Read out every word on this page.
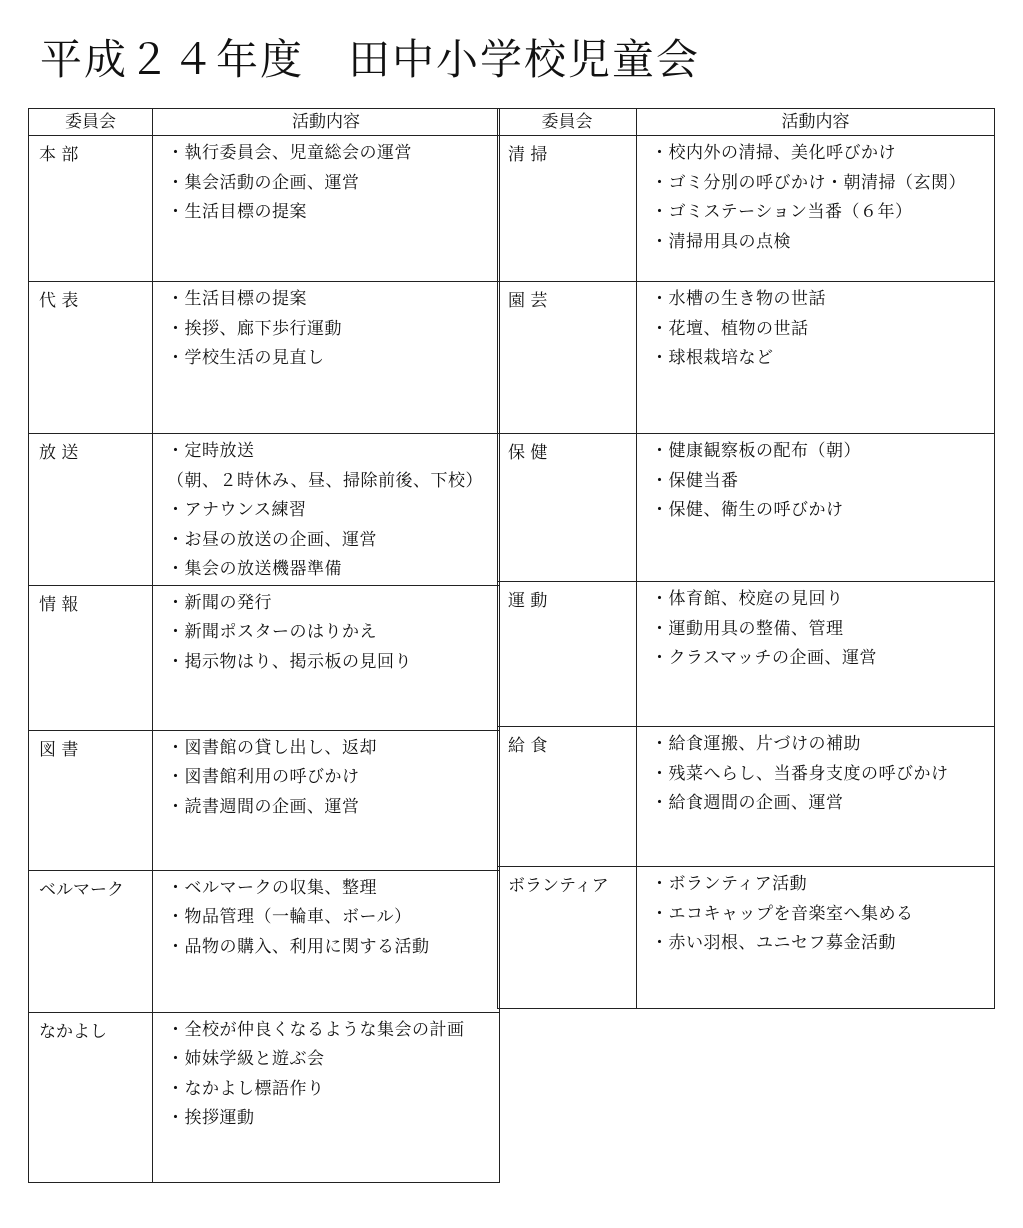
平成２４年度　田中小学校児童会
委員会	活動内容

本 部	・執行委員会、児童総会の運営
・集会活動の企画、運営
・生活目標の提案

代 表	・生活目標の提案
・挨拶、廊下歩行運動
・学校生活の見直し

放 送	・定時放送
（朝、２時休み、昼、掃除前後、下校）
・アナウンス練習
・お昼の放送の企画、運営
・集会の放送機器準備

情 報	・新聞の発行
・新聞ポスターのはりかえ
・掲示物はり、掲示板の見回り

図 書	・図書館の貸し出し、返却
・図書館利用の呼びかけ
・読書週間の企画、運営

ベルマーク	・ベルマークの収集、整理
・物品管理（一輪車、ボール）
・品物の購入、利用に関する活動

なかよし	・全校が仲良くなるような集会の計画
・姉妹学級と遊ぶ会
・なかよし標語作り
・挨拶運動
委員会	活動内容

清 掃	・校内外の清掃、美化呼びかけ
・ゴミ分別の呼びかけ・朝清掃（玄関）
・ゴミステーション当番（６年）
・清掃用具の点検

園 芸	・水槽の生き物の世話
・花壇、植物の世話
・球根栽培など

保 健	・健康観察板の配布（朝）
・保健当番
・保健、衛生の呼びかけ

運 動	・体育館、校庭の見回り
・運動用具の整備、管理
・クラスマッチの企画、運営

給 食	・給食運搬、片づけの補助
・残菜へらし、当番身支度の呼びかけ
・給食週間の企画、運営

ボランティア	・ボランティア活動
・エコキャップを音楽室へ集める
・赤い羽根、ユニセフ募金活動
